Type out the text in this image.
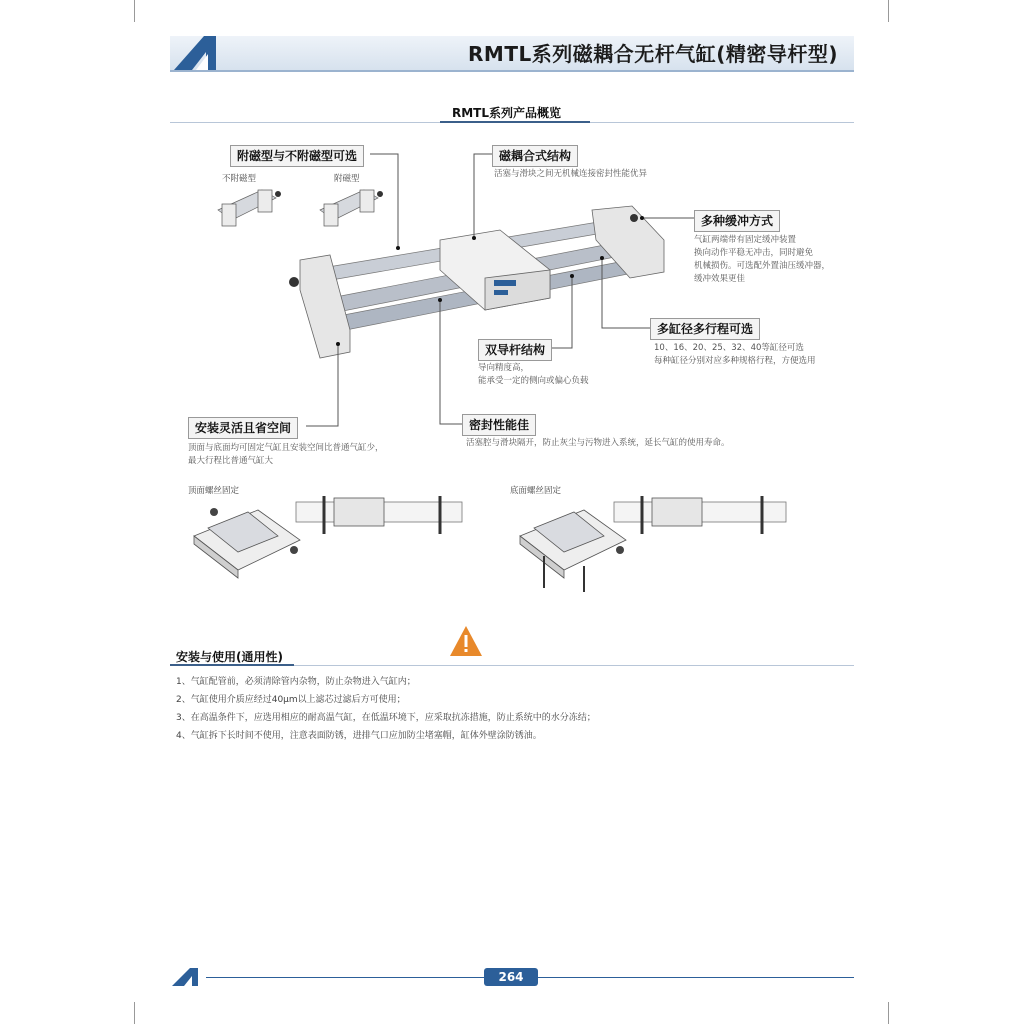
RMTL系列磁耦合无杆气缸(精密导杆型)
RMTL系列产品概览
不附磁型	附磁型
附磁型与不附磁型可选	磁耦合式结构
活塞与滑块之间无机械连接密封性能优异
多种缓冲方式
气缸两端带有固定缓冲装置
换向动作平稳无冲击，同时避免
机械损伤。可选配外置油压缓冲器，
缓冲效果更佳
多缸径多行程可选
10、16、20、25、32、40等缸径可选
每种缸径分别对应多种规格行程，方便选用
双导杆结构
导向精度高，
能承受一定的侧向或偏心负载
安装灵活且省空间
顶面与底面均可固定气缸且安装空间比普通气缸少，
最大行程比普通气缸大
密封性能佳
活塞腔与滑块隔开，防止灰尘与污物进入系统，延长气缸的使用寿命。
顶面螺丝固定	底面螺丝固定
安装与使用(通用性)
1、气缸配管前，必须清除管内杂物，防止杂物进入气缸内；
2、气缸使用介质应经过40μm以上滤芯过滤后方可使用；
3、在高温条件下，应选用相应的耐高温气缸，在低温环境下，应采取抗冻措施，防止系统中的水分冻结；
4、气缸拆下长时间不使用，注意表面防锈，进排气口应加防尘堵塞帽，缸体外壁涂防锈油。
264
